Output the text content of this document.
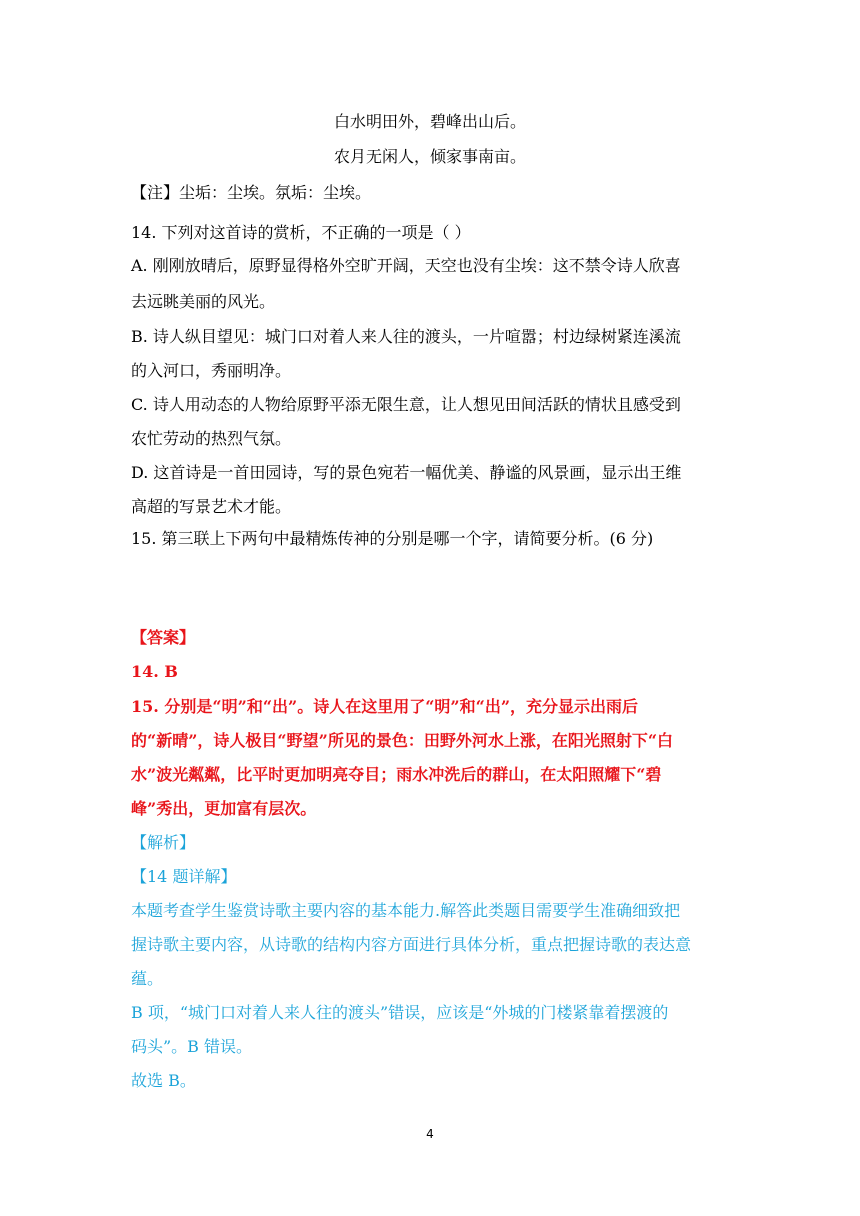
白水明田外，碧峰出山后。
农月无闲人，倾家事南亩。
【注】尘垢：尘埃。氛垢：尘埃。
14. 下列对这首诗的赏析，不正确的一项是（ ）
A. 刚刚放晴后，原野显得格外空旷开阔，天空也没有尘埃：这不禁令诗人欣喜
去远眺美丽的风光。
B. 诗人纵目望见：城门口对着人来人往的渡头，一片喧嚣；村边绿树紧连溪流
的入河口，秀丽明净。
C. 诗人用动态的人物给原野平添无限生意，让人想见田间活跃的情状且感受到
农忙劳动的热烈气氛。
D. 这首诗是一首田园诗，写的景色宛若一幅优美、静谧的风景画，显示出王维
高超的写景艺术才能。
15. 第三联上下两句中最精炼传神的分别是哪一个字，请简要分析。(6 分)
【答案】
14. B
15. 分别是“明”和“出”。诗人在这里用了“明”和“出”，充分显示出雨后
的“新晴”，诗人极目“野望”所见的景色：田野外河水上涨，在阳光照射下“白
水”波光粼粼，比平时更加明亮夺目；雨水冲洗后的群山，在太阳照耀下“碧
峰”秀出，更加富有层次。
【解析】
【14 题详解】
本题考查学生鉴赏诗歌主要内容的基本能力.解答此类题目需要学生准确细致把
握诗歌主要内容，从诗歌的结构内容方面进行具体分析，重点把握诗歌的表达意
蕴。
B 项，“城门口对着人来人往的渡头”错误，应该是“外城的门楼紧靠着摆渡的
码头”。B 错误。
故选 B。
4
